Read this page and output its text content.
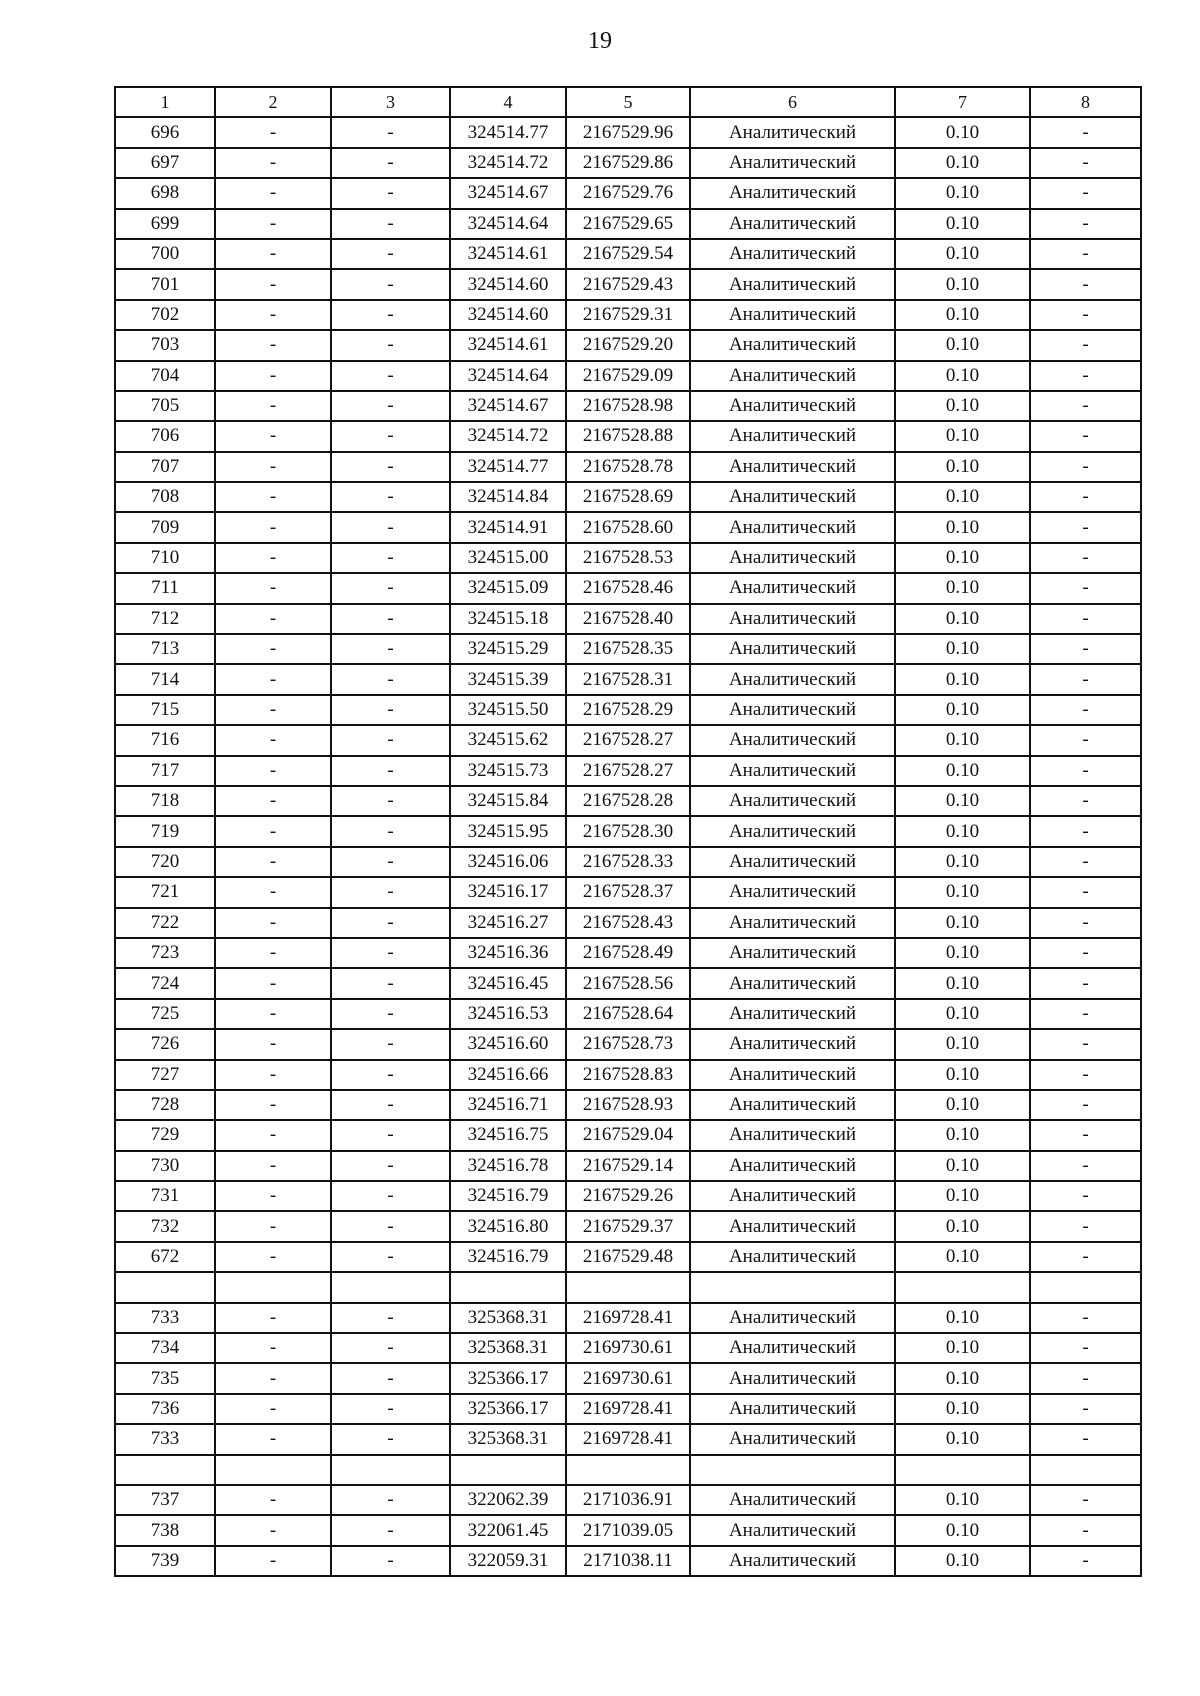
19
1	2	3	4	5	6	7	8
696	-	-	324514.77	2167529.96	Аналитический	0.10	-
697	-	-	324514.72	2167529.86	Аналитический	0.10	-
698	-	-	324514.67	2167529.76	Аналитический	0.10	-
699	-	-	324514.64	2167529.65	Аналитический	0.10	-
700	-	-	324514.61	2167529.54	Аналитический	0.10	-
701	-	-	324514.60	2167529.43	Аналитический	0.10	-
702	-	-	324514.60	2167529.31	Аналитический	0.10	-
703	-	-	324514.61	2167529.20	Аналитический	0.10	-
704	-	-	324514.64	2167529.09	Аналитический	0.10	-
705	-	-	324514.67	2167528.98	Аналитический	0.10	-
706	-	-	324514.72	2167528.88	Аналитический	0.10	-
707	-	-	324514.77	2167528.78	Аналитический	0.10	-
708	-	-	324514.84	2167528.69	Аналитический	0.10	-
709	-	-	324514.91	2167528.60	Аналитический	0.10	-
710	-	-	324515.00	2167528.53	Аналитический	0.10	-
711	-	-	324515.09	2167528.46	Аналитический	0.10	-
712	-	-	324515.18	2167528.40	Аналитический	0.10	-
713	-	-	324515.29	2167528.35	Аналитический	0.10	-
714	-	-	324515.39	2167528.31	Аналитический	0.10	-
715	-	-	324515.50	2167528.29	Аналитический	0.10	-
716	-	-	324515.62	2167528.27	Аналитический	0.10	-
717	-	-	324515.73	2167528.27	Аналитический	0.10	-
718	-	-	324515.84	2167528.28	Аналитический	0.10	-
719	-	-	324515.95	2167528.30	Аналитический	0.10	-
720	-	-	324516.06	2167528.33	Аналитический	0.10	-
721	-	-	324516.17	2167528.37	Аналитический	0.10	-
722	-	-	324516.27	2167528.43	Аналитический	0.10	-
723	-	-	324516.36	2167528.49	Аналитический	0.10	-
724	-	-	324516.45	2167528.56	Аналитический	0.10	-
725	-	-	324516.53	2167528.64	Аналитический	0.10	-
726	-	-	324516.60	2167528.73	Аналитический	0.10	-
727	-	-	324516.66	2167528.83	Аналитический	0.10	-
728	-	-	324516.71	2167528.93	Аналитический	0.10	-
729	-	-	324516.75	2167529.04	Аналитический	0.10	-
730	-	-	324516.78	2167529.14	Аналитический	0.10	-
731	-	-	324516.79	2167529.26	Аналитический	0.10	-
732	-	-	324516.80	2167529.37	Аналитический	0.10	-
672	-	-	324516.79	2167529.48	Аналитический	0.10	-

733	-	-	325368.31	2169728.41	Аналитический	0.10	-
734	-	-	325368.31	2169730.61	Аналитический	0.10	-
735	-	-	325366.17	2169730.61	Аналитический	0.10	-
736	-	-	325366.17	2169728.41	Аналитический	0.10	-
733	-	-	325368.31	2169728.41	Аналитический	0.10	-

737	-	-	322062.39	2171036.91	Аналитический	0.10	-
738	-	-	322061.45	2171039.05	Аналитический	0.10	-
739	-	-	322059.31	2171038.11	Аналитический	0.10	-
